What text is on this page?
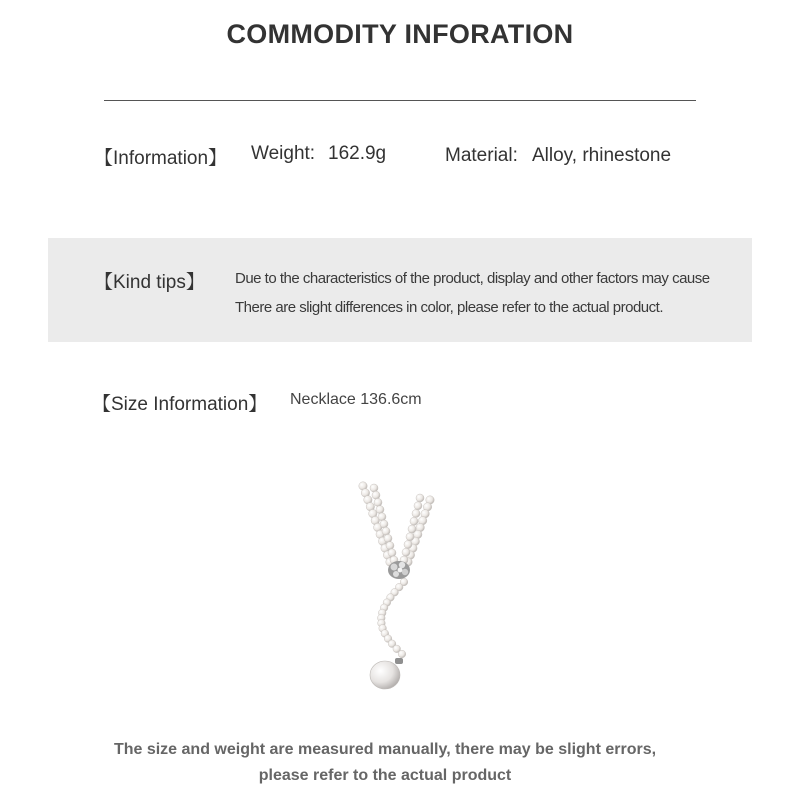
COMMODITY INFORATION
【Information】 Weight: 162.9g	Material: Alloy, rhinestone
【Kind tips】 Due to the characteristics of the product, display and other factors may cause
There are slight differences in color, please refer to the actual product.
【Size Information】 Necklace 136.6cm
The size and weight are measured manually, there may be slight errors,
please refer to the actual product
